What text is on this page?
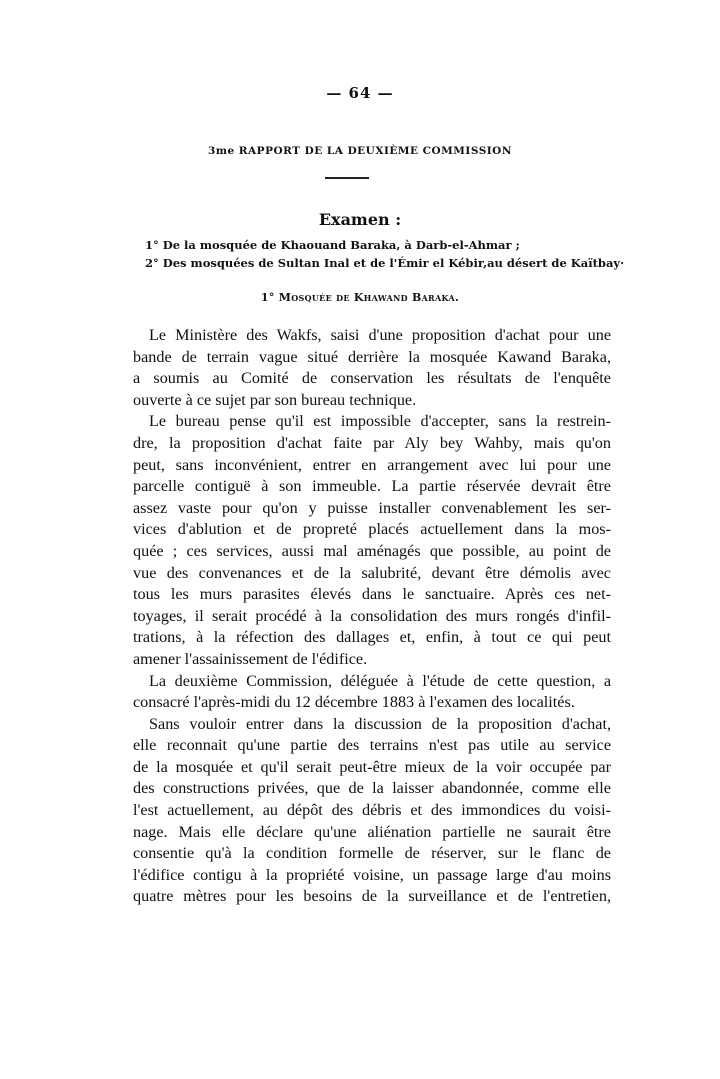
— 64 —
3me RAPPORT DE LA DEUXIÈME COMMISSION
Examen :
1° De la mosquée de Khaouand Baraka, à Darb-el-Ahmar ;
2° Des mosquées de Sultan Inal et de l'Émir el Kébir,au désert de Kaïtbay·
1° Mosquée de Khawand Baraka.
Le Ministère des Wakfs, saisi d'une proposition d'achat pour une
bande de terrain vague situé derrière la mosquée Kawand Baraka,
a soumis au Comité de conservation les résultats de l'enquête
ouverte à ce sujet par son bureau technique.
Le bureau pense qu'il est impossible d'accepter, sans la restrein-
dre, la proposition d'achat faite par Aly bey Wahby, mais qu'on
peut, sans inconvénient, entrer en arrangement avec lui pour une
parcelle contiguë à son immeuble. La partie réservée devrait être
assez vaste pour qu'on y puisse installer convenablement les ser-
vices d'ablution et de propreté placés actuellement dans la mos-
quée ; ces services, aussi mal aménagés que possible, au point de
vue des convenances et de la salubrité, devant être démolis avec
tous les murs parasites élevés dans le sanctuaire. Après ces net-
toyages, il serait procédé à la consolidation des murs rongés d'infil-
trations, à la réfection des dallages et, enfin, à tout ce qui peut
amener l'assainissement de l'édifice.
La deuxième Commission, déléguée à l'étude de cette question, a
consacré l'après-midi du 12 décembre 1883 à l'examen des localités.
Sans vouloir entrer dans la discussion de la proposition d'achat,
elle reconnait qu'une partie des terrains n'est pas utile au service
de la mosquée et qu'il serait peut-être mieux de la voir occupée par
des constructions privées, que de la laisser abandonnée, comme elle
l'est actuellement, au dépôt des débris et des immondices du voisi-
nage. Mais elle déclare qu'une aliénation partielle ne saurait être
consentie qu'à la condition formelle de réserver, sur le flanc de
l'édifice contigu à la propriété voisine, un passage large d'au moins
quatre mètres pour les besoins de la surveillance et de l'entretien,
